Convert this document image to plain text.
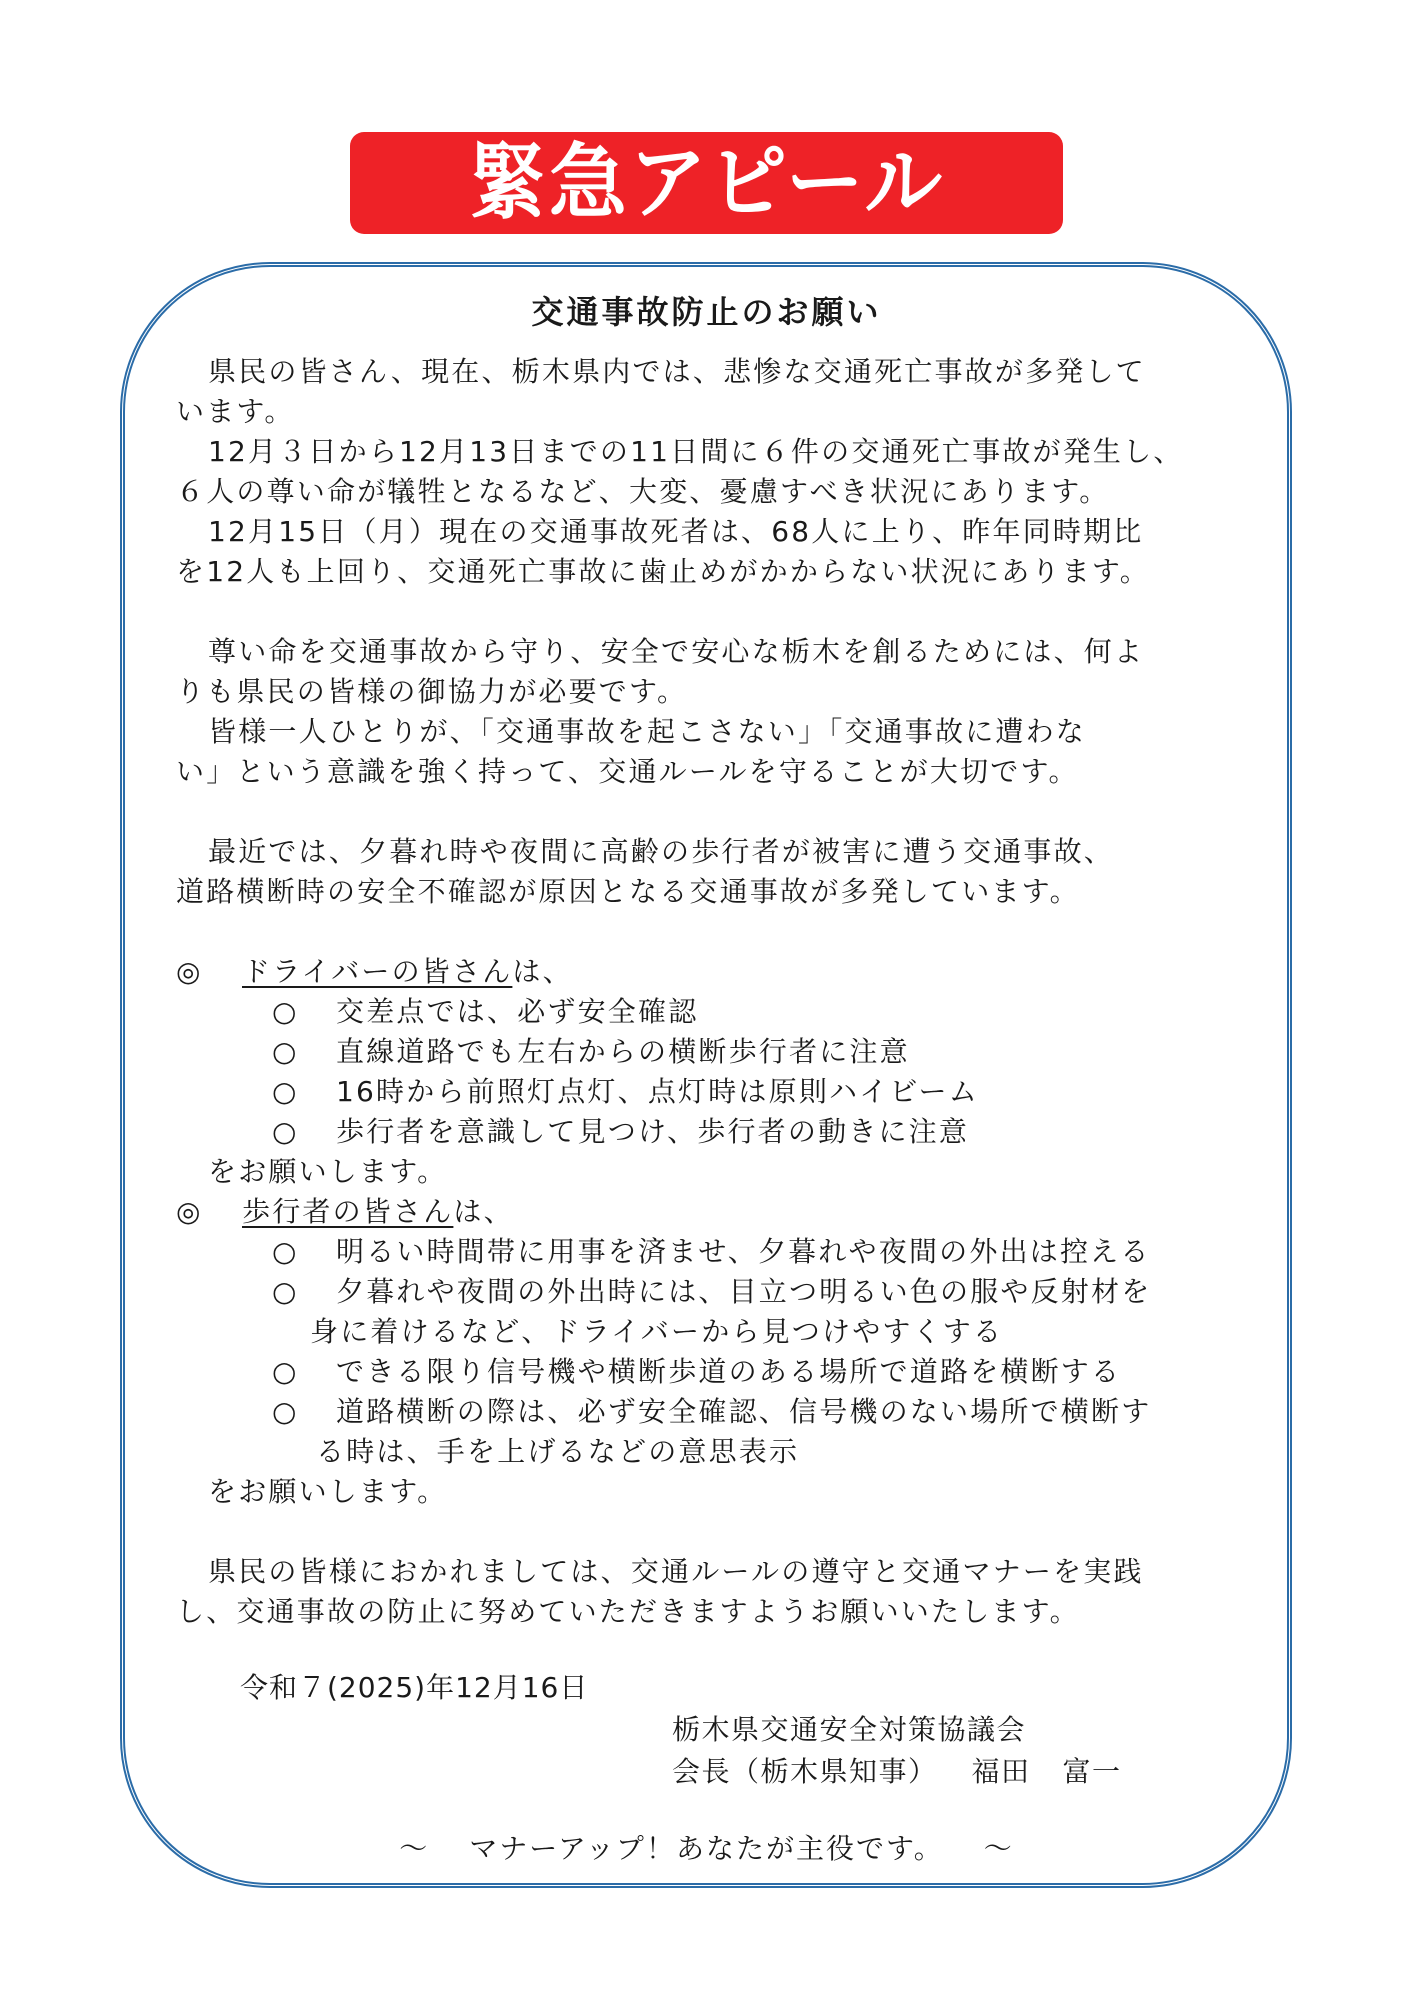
緊急アピール
交通事故防止のお願い
県民の皆さん、現在、栃木県内では、悲惨な交通死亡事故が多発して
います。
12月３日から12月13日までの11日間に６件の交通死亡事故が発生し、
６人の尊い命が犠牲となるなど、大変、憂慮すべき状況にあります。
12月15日（月）現在の交通事故死者は、68人に上り、昨年同時期比
を12人も上回り、交通死亡事故に歯止めがかからない状況にあります。
尊い命を交通事故から守り、安全で安心な栃木を創るためには、何よ
りも県民の皆様の御協力が必要です。
皆様一人ひとりが、「交通事故を起こさない」「交通事故に遭わな
い」という意識を強く持って、交通ルールを守ることが大切です。
最近では、夕暮れ時や夜間に高齢の歩行者が被害に遭う交通事故、
道路横断時の安全不確認が原因となる交通事故が多発しています。
◎ ドライバーの皆さんは、
○ 交差点では、必ず安全確認
○ 直線道路でも左右からの横断歩行者に注意
○ 16時から前照灯点灯、点灯時は原則ハイビーム
○ 歩行者を意識して見つけ、歩行者の動きに注意
をお願いします。
◎ 歩行者の皆さんは、
○ 明るい時間帯に用事を済ませ、夕暮れや夜間の外出は控える
○ 夕暮れや夜間の外出時には、目立つ明るい色の服や反射材を
身に着けるなど、ドライバーから見つけやすくする
○ できる限り信号機や横断歩道のある場所で道路を横断する
○ 道路横断の際は、必ず安全確認、信号機のない場所で横断す
る時は、手を上げるなどの意思表示
をお願いします。
県民の皆様におかれましては、交通ルールの遵守と交通マナーを実践
し、交通事故の防止に努めていただきますようお願いいたします。
令和７(2025)年12月16日
栃木県交通安全対策協議会
会長（栃木県知事） 福田 富一
～ マナーアップ！あなたが主役です。 ～
